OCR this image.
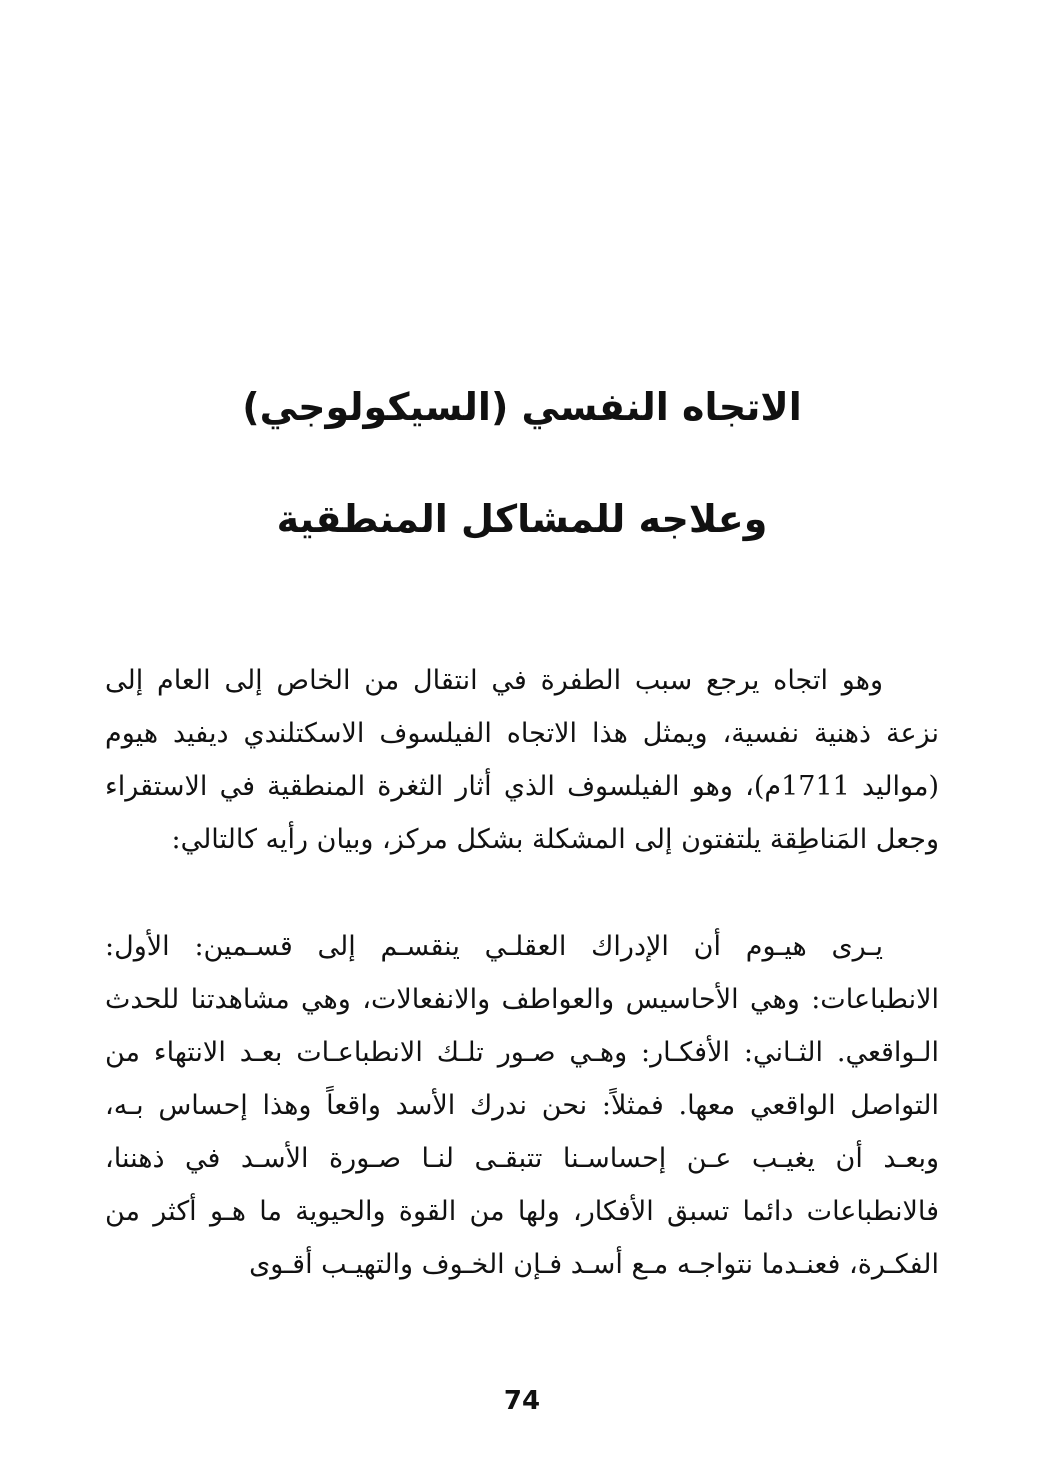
الاتجاه النفسي (السيكولوجي)
وعلاجه للمشاكل المنطقية

وهو اتجاه يرجع سبب الطفرة في انتقال من الخاص إلى العام إلى نزعة ذهنية نفسية، ويمثل هذا الاتجاه الفيلسوف الاسكتلندي ديفيد هيوم (مواليد 1711م)، وهو الفيلسوف الذي أثار الثغرة المنطقية في الاستقراء وجعل المَناطِقة يلتفتون إلى المشكلة بشكل مركز، وبيان رأيه كالتالي:

يـرى هيـوم أن الإدراك العقلـي ينقسـم إلى قسـمين: الأول: الانطباعات: وهي الأحاسيس والعواطف والانفعالات، وهي مشاهدتنا للحدث الـواقعي. الثـاني: الأفكـار: وهـي صـور تلـك الانطباعـات بعـد الانتهاء من التواصل الواقعي معها. فمثلاً: نحن ندرك الأسد واقعاً وهذا إحساس بـه، وبعـد أن يغيـب عـن إحساسـنا تتبقـى لنـا صـورة الأسـد في ذهننا، فالانطباعات دائما تسبق الأفكار، ولها من القوة والحيوية ما هـو أكثر من الفكـرة، فعنـدما نتواجـه مـع أسـد فـإن الخـوف والتهيـب أقـوى

74
